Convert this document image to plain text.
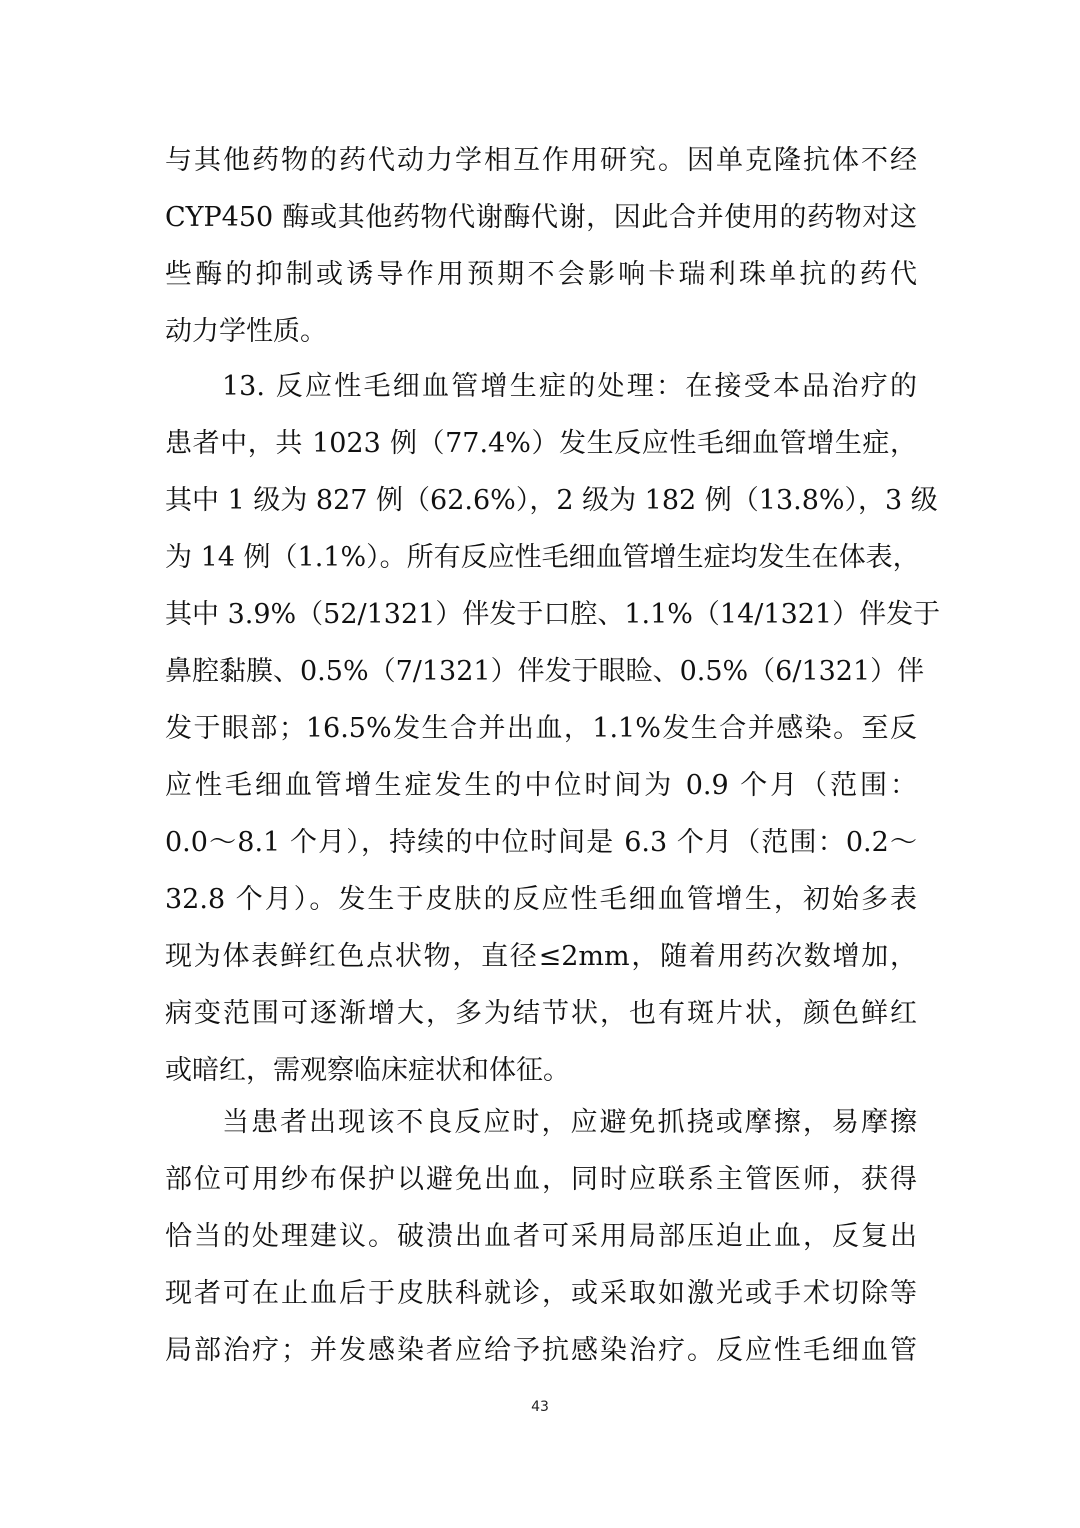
与其他药物的药代动力学相互作用研究。因单克隆抗体不经
CYP450 酶或其他药物代谢酶代谢，因此合并使用的药物对这
些酶的抑制或诱导作用预期不会影响卡瑞利珠单抗的药代
动力学性质。
13. 反应性毛细血管增生症的处理：在接受本品治疗的
患者中，共 1023 例（77.4%）发生反应性毛细血管增生症，
其中 1 级为 827 例（62.6%），2 级为 182 例（13.8%），3 级
为 14 例（1.1%）。所有反应性毛细血管增生症均发生在体表，
其中 3.9%（52/1321）伴发于口腔、1.1%（14/1321）伴发于
鼻腔黏膜、0.5%（7/1321）伴发于眼睑、0.5%（6/1321）伴
发于眼部；16.5%发生合并出血，1.1%发生合并感染。至反
应性毛细血管增生症发生的中位时间为 0.9 个月（范围：
0.0～8.1 个月），持续的中位时间是 6.3 个月（范围：0.2～
32.8 个月）。发生于皮肤的反应性毛细血管增生，初始多表
现为体表鲜红色点状物，直径≤2mm，随着用药次数增加，
病变范围可逐渐增大，多为结节状，也有斑片状，颜色鲜红
或暗红，需观察临床症状和体征。
当患者出现该不良反应时，应避免抓挠或摩擦，易摩擦
部位可用纱布保护以避免出血，同时应联系主管医师，获得
恰当的处理建议。破溃出血者可采用局部压迫止血，反复出
现者可在止血后于皮肤科就诊，或采取如激光或手术切除等
局部治疗；并发感染者应给予抗感染治疗。反应性毛细血管
43
